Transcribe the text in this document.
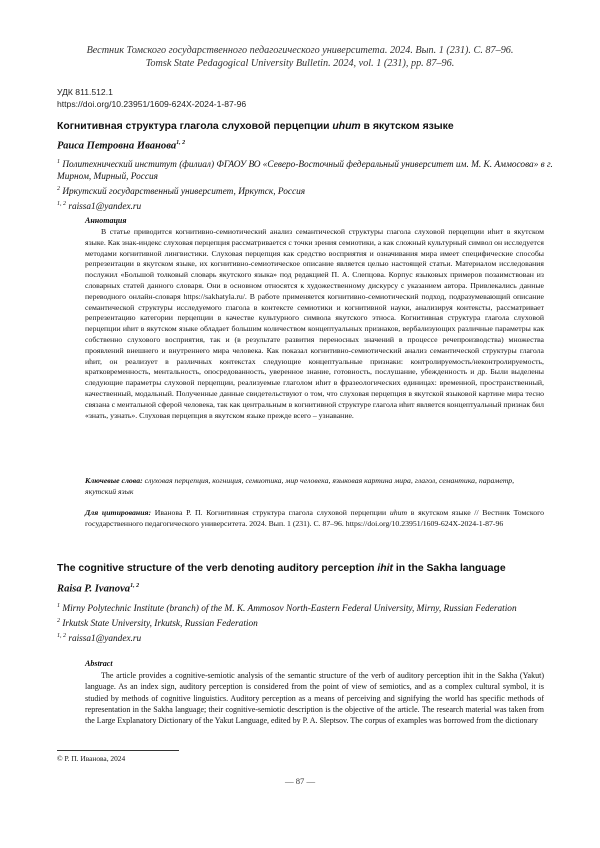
Вестник Томского государственного педагогического университета. 2024. Вып. 1 (231). С. 87–96.
Tomsk State Pedagogical University Bulletin. 2024, vol. 1 (231), pp. 87–96.
УДК 811.512.1
https://doi.org/10.23951/1609-624X-2024-1-87-96
Когнитивная структура глагола слуховой перцепции иһит в якутском языке
Раиса Петровна Иванова$^{1, 2}$

$^1$ Политехнический институт (филиал) ФГАОУ ВО «Северо-Восточный федеральный университет им. М. К. Аммосова» в г. Мирном, Мирный, Россия

$^2$ Иркутский государственный университет, Иркутск, Россия

$^{1, 2}$ raissa1@yandex.ru

Аннотация
В статье приводится когнитивно-семиотический анализ семантической структуры глагола слуховой перцепции иһит в якутском языке. Как знак-индекс слуховая перцепция рассматривается с точки зрения семиотики, а как сложный культурный символ он исследуется методами когнитивной лингвистики. Слуховая перцепция как средство восприятия и означивания мира имеет специфические способы репрезентации в якутском языке, их когнитивно-семиотическое описание является целью настоящей статьи. Материалом исследования послужил «Большой толковый словарь якутского языка» под редакцией П. А. Слепцова. Корпус языковых примеров позаимствован из словарных статей данного словаря. Они в основном относятся к художественному дискурсу с указанием автора. Привлекались данные переводного онлайн-словаря https://sakhatyla.ru/. В работе применяется когнитивно-семиотический подход, подразумевающий описание семантической структуры исследуемого глагола в контексте семиотики и когнитивной науки, анализируя контексты, рассматривает репрезентацию категории перцепции в качестве культурного символа якутского этноса. Когнитивная структура глагола слуховой перцепции иһит в якутском языке обладает большим количеством концептуальных признаков, вербализующих различные параметры как собственно слухового восприятия, так и (в результате развития переносных значений в процессе речепроизводства) множества проявлений внешнего и внутреннего мира человека. Как показал когнитивно-семиотический анализ семантической структуры глагола иһит, он реализует в различных контекстах следующие концептуальные признаки: контролируемость/неконтролируемость, кратковременность, ментальность, опосредованность, уверенное знание, готовность, послушание, убежденность и др. Были выделены следующие параметры слуховой перцепции, реализуемые глаголом иһит в фразеологических единицах: временной, пространственный, качественный, модальный. Полученные данные свидетельствуют о том, что слуховая перцепция в якутской языковой картине мира тесно связана с ментальной сферой человека, так как центральным в когнитивной структуре глагола иһит является концептуальный признак бил «знать, узнать». Слуховая перцепция в якутском языке прежде всего – узнавание.
Ключевые слова: слуховая перцепция, когниция, семиотика, мир человека, языковая картина мира, глагол, семантика, параметр, якутский язык
Для цитирования: Иванова Р. П. Когнитивная структура глагола слуховой перцепции иһит в якутском языке // Вестник Томского государственного педагогического университета. 2024. Вып. 1 (231). С. 87–96. https://doi.org/10.23951/1609-624X-2024-1-87-96
The cognitive structure of the verb denoting auditory perception ihit in the Sakha language
Raisa P. Ivanova$^{1, 2}$

$^1$ Mirny Polytechnic Institute (branch) of the M. K. Ammosov North-Eastern Federal University, Mirny, Russian Federation

$^2$ Irkutsk State University, Irkutsk, Russian Federation

$^{1, 2}$ raissa1@yandex.ru

Abstract
The article provides a cognitive-semiotic analysis of the semantic structure of the verb of auditory perception ihit in the Sakha (Yakut) language. As an index sign, auditory perception is considered from the point of view of semiotics, and as a complex cultural symbol, it is studied by methods of cognitive linguistics. Auditory perception as a means of perceiving and signifying the world has specific methods of representation in the Sakha language; their cognitive-semiotic description is the objective of the article. The research material was taken from the Large Explanatory Dictionary of the Yakut Language, edited by P. A. Sleptsov. The corpus of examples was borrowed from the dictionary
© Р. П. Иванова, 2024
— 87 —
